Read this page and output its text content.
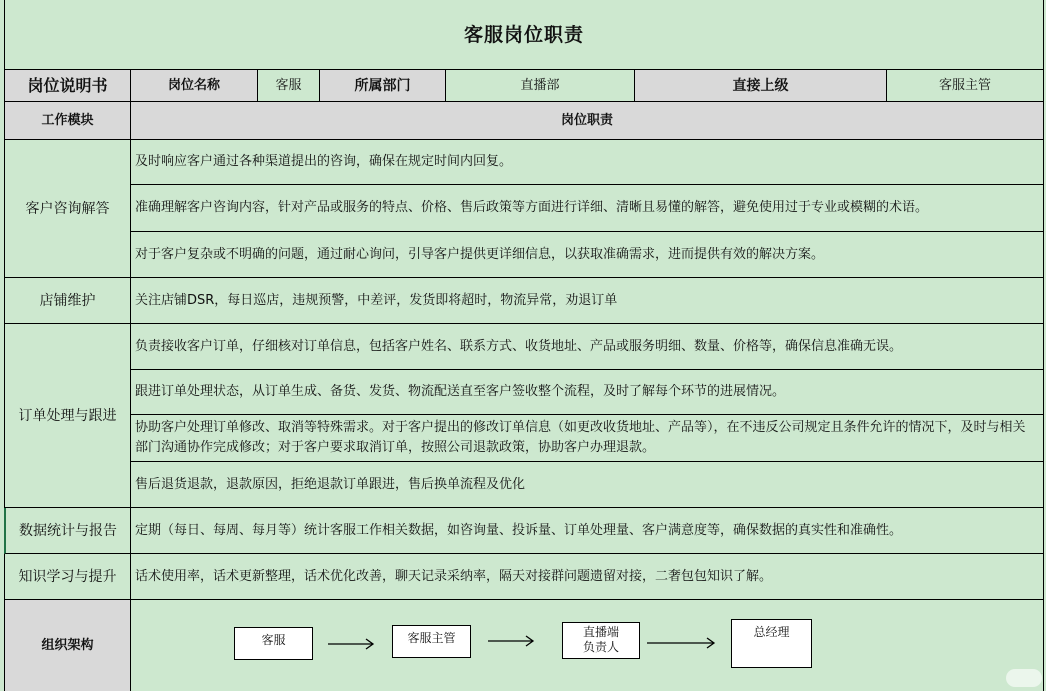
客服岗位职责
岗位说明书	岗位名称	客服	所属部门	直播部	直接上级	客服主管
工作模块	岗位职责
客户咨询解答
及时响应客户通过各种渠道提出的咨询，确保在规定时间内回复。
准确理解客户咨询内容，针对产品或服务的特点、价格、售后政策等方面进行详细、清晰且易懂的解答，避免使用过于专业或模糊的术语。
对于客户复杂或不明确的问题，通过耐心询问，引导客户提供更详细信息，以获取准确需求，进而提供有效的解决方案。
店铺维护	关注店铺DSR，每日巡店，违规预警，中差评，发货即将超时，物流异常，劝退订单
订单处理与跟进
负责接收客户订单，仔细核对订单信息，包括客户姓名、联系方式、收货地址、产品或服务明细、数量、价格等，确保信息准确无误。
跟进订单处理状态，从订单生成、备货、发货、物流配送直至客户签收整个流程，及时了解每个环节的进展情况。
协助客户处理订单修改、取消等特殊需求。对于客户提出的修改订单信息（如更改收货地址、产品等），在不违反公司规定且条件允许的情况下，及时与相关部门沟通协作完成修改；对于客户要求取消订单，按照公司退款政策，协助客户办理退款。
售后退货退款，退款原因，拒绝退款订单跟进，售后换单流程及优化
数据统计与报告	定期（每日、每周、每月等）统计客服工作相关数据，如咨询量、投诉量、订单处理量、客户满意度等，确保数据的真实性和准确性。
知识学习与提升	话术使用率，话术更新整理，话术优化改善，聊天记录采纳率，隔天对接群问题遗留对接，二奢包包知识了解。
组织架构	客服	客服主管	直播端
负责人
总经理
